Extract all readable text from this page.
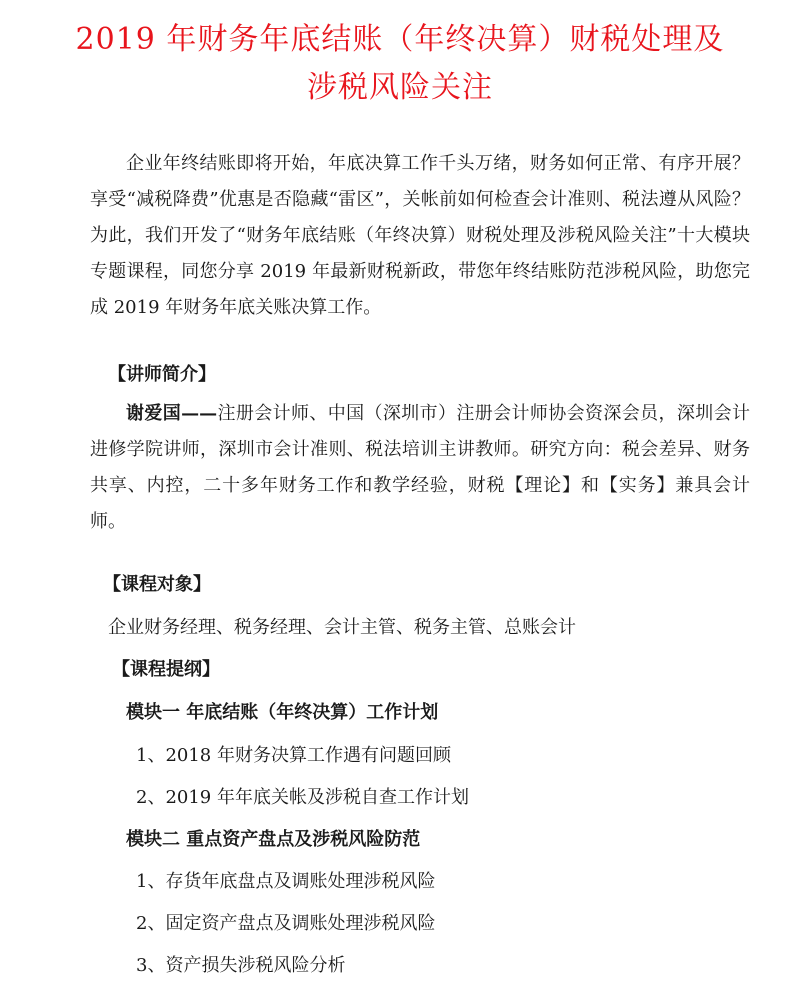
2019 年财务年底结账（年终决算）财税处理及
涉税风险关注

企业年终结账即将开始，年底决算工作千头万绪，财务如何正常、有序开展？享受“减税降费”优惠是否隐藏“雷区”，关帐前如何检查会计准则、税法遵从风险？为此，我们开发了“财务年底结账（年终决算）财税处理及涉税风险关注”十大模块专题课程，同您分享 2019 年最新财税新政，带您年终结账防范涉税风险，助您完成 2019 年财务年底关账决算工作。

【讲师简介】

谢爱国——注册会计师、中国（深圳市）注册会计师协会资深会员，深圳会计进修学院讲师，深圳市会计准则、税法培训主讲教师。研究方向：税会差异、财务共享、内控，二十多年财务工作和教学经验，财税【理论】和【实务】兼具会计师。

【课程对象】

企业财务经理、税务经理、会计主管、税务主管、总账会计

【课程提纲】

模块一 年底结账（年终决算）工作计划

1、2018 年财务决算工作遇有问题回顾

2、2019 年年底关帐及涉税自查工作计划

模块二 重点资产盘点及涉税风险防范

1、存货年底盘点及调账处理涉税风险

2、固定资产盘点及调账处理涉税风险

3、资产损失涉税风险分析
